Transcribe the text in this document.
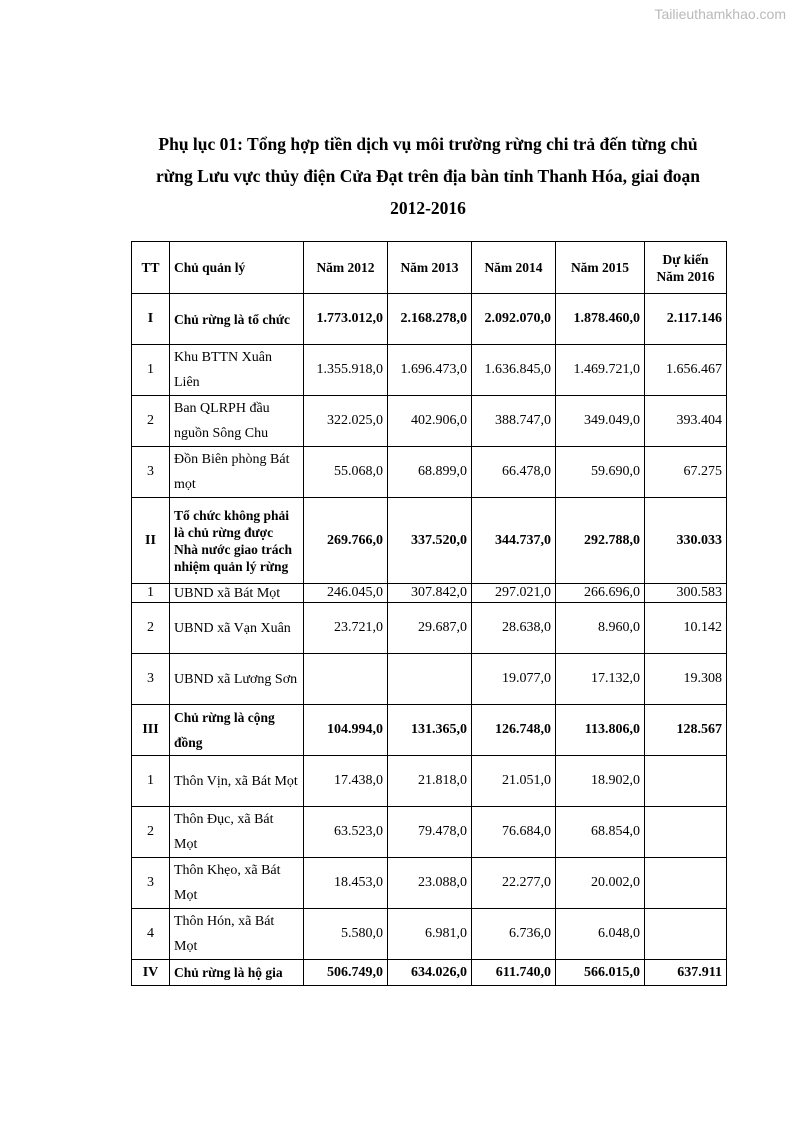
Tailieuthamkhao.com
Phụ lục 01: Tổng hợp tiền dịch vụ môi trường rừng chi trả đến từng chủ
rừng Lưu vực thủy điện Cửa Đạt trên địa bàn tỉnh Thanh Hóa, giai đoạn
2012-2016
TT	Chủ quản lý	Năm 2012	Năm 2013	Năm 2014	Năm 2015	Dự kiến
Năm 2016

I	Chủ rừng là tổ chức	1.773.012,0	2.168.278,0	2.092.070,0	1.878.460,0	2.117.146
1	Khu BTTN Xuân Liên	1.355.918,0	1.696.473,0	1.636.845,0	1.469.721,0	1.656.467
2	Ban QLRPH đầu nguồn Sông Chu	322.025,0	402.906,0	388.747,0	349.049,0	393.404
3	Đồn Biên phòng Bát mọt	55.068,0	68.899,0	66.478,0	59.690,0	67.275
II	Tổ chức không phải là chủ rừng được Nhà nước giao trách nhiệm quản lý rừng	269.766,0	337.520,0	344.737,0	292.788,0	330.033
1	UBND xã Bát Mọt	246.045,0	307.842,0	297.021,0	266.696,0	300.583
2	UBND xã Vạn Xuân	23.721,0	29.687,0	28.638,0	8.960,0	10.142
3	UBND xã Lương Sơn			19.077,0	17.132,0	19.308
III	Chủ rừng là cộng đồng	104.994,0	131.365,0	126.748,0	113.806,0	128.567
1	Thôn Vịn, xã Bát Mọt	17.438,0	21.818,0	21.051,0	18.902,0	
2	Thôn Đục, xã Bát Mọt	63.523,0	79.478,0	76.684,0	68.854,0	
3	Thôn Khẹo, xã Bát Mọt	18.453,0	23.088,0	22.277,0	20.002,0	
4	Thôn Hón, xã Bát Mọt	5.580,0	6.981,0	6.736,0	6.048,0	
IV	Chủ rừng là hộ gia	506.749,0	634.026,0	611.740,0	566.015,0	637.911
